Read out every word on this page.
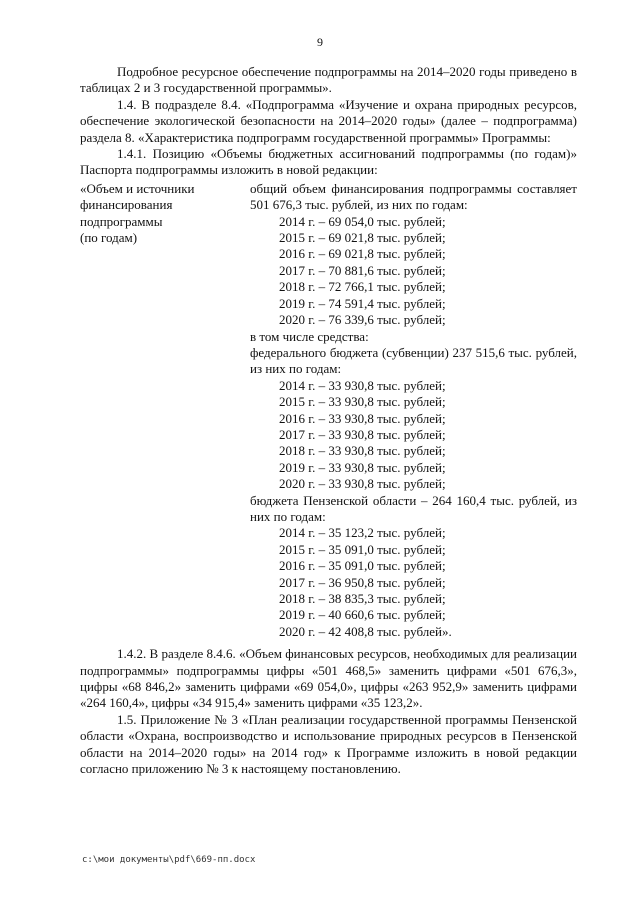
9

Подробное ресурсное обеспечение подпрограммы на 2014–2020 годы приведено в таблицах 2 и 3 государственной программы».

1.4. В подразделе 8.4. «Подпрограмма «Изучение и охрана природных ресурсов, обеспечение экологической безопасности на 2014–2020 годы» (далее – подпрограмма) раздела 8. «Характеристика подпрограмм государственной программы» Программы:

1.4.1. Позицию «Объемы бюджетных ассигнований подпрограммы (по годам)» Паспорта подпрограммы изложить в новой редакции:

«Объем и источники
финансирования
подпрограммы
(по годам)

общий объем финансирования подпрограммы составляет 501 676,3 тыс. рублей, из них по годам:

2014 г. – 69 054,0 тыс. рублей;
2015 г. – 69 021,8 тыс. рублей;
2016 г. – 69 021,8 тыс. рублей;
2017 г. – 70 881,6 тыс. рублей;
2018 г. – 72 766,1 тыс. рублей;
2019 г. – 74 591,4 тыс. рублей;
2020 г. – 76 339,6 тыс. рублей;
в том числе средства:

федерального бюджета (субвенции) 237 515,6 тыс. рублей, из них по годам:

2014 г. – 33 930,8 тыс. рублей;
2015 г. – 33 930,8 тыс. рублей;
2016 г. – 33 930,8 тыс. рублей;
2017 г. – 33 930,8 тыс. рублей;
2018 г. – 33 930,8 тыс. рублей;
2019 г. – 33 930,8 тыс. рублей;
2020 г. – 33 930,8 тыс. рублей;

бюджета Пензенской области – 264 160,4 тыс. рублей, из них по годам:

2014 г. – 35 123,2 тыс. рублей;
2015 г. – 35 091,0 тыс. рублей;
2016 г. – 35 091,0 тыс. рублей;
2017 г. – 36 950,8 тыс. рублей;
2018 г. – 38 835,3 тыс. рублей;
2019 г. – 40 660,6 тыс. рублей;
2020 г. – 42 408,8 тыс. рублей».

1.4.2. В разделе 8.4.6. «Объем финансовых ресурсов, необходимых для реализации подпрограммы» подпрограммы цифры «501 468,5» заменить цифрами «501 676,3», цифры «68 846,2» заменить цифрами «69 054,0», цифры «263 952,9» заменить цифрами «264 160,4», цифры «34 915,4» заменить цифрами «35 123,2».

1.5. Приложение № 3 «План реализации государственной программы Пензенской области «Охрана, воспроизводство и использование природных ресурсов в Пензенской области на 2014–2020 годы» на 2014 год» к Программе изложить в новой редакции согласно приложению № 3 к настоящему постановлению.

c:\мои документы\pdf\669-пп.docx
